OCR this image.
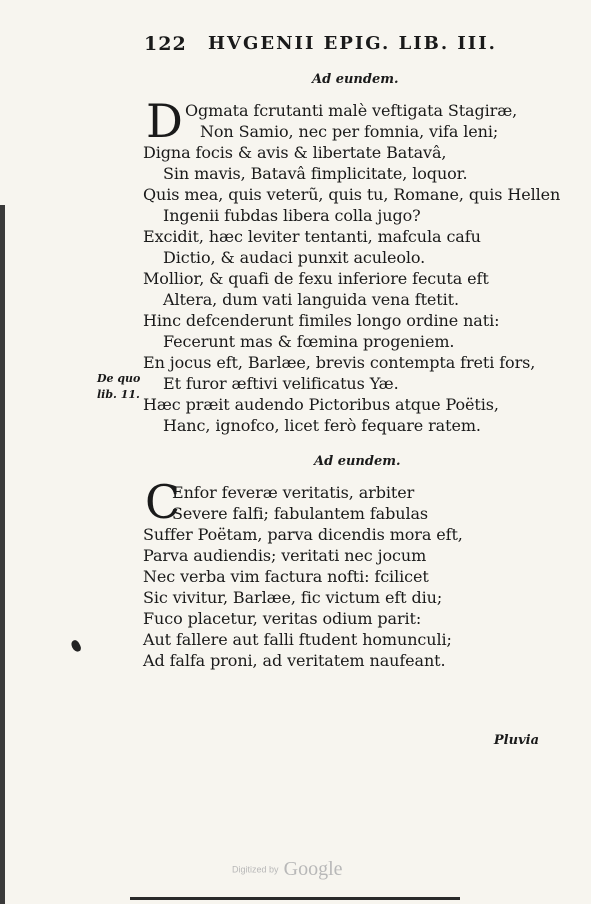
122 HVGENII EPIG. LIB. III.
Ad eundem.
D Ogmata fcrutanti malè veftigata Stagiræ,
Non Samio, nec per fomnia, vifa leni;
Digna focis & avis & libertate Batavâ,
Sin mavis, Batavâ fimplicitate, loquor.
Quis mea, quis veterũ, quis tu, Romane, quis Hellen
Ingenii fubdas libera colla jugo?
Excidit, hæc leviter tentanti, mafcula cafu
Dictio, & audaci punxit aculeolo.
Mollior, & quafi de fexu inferiore fecuta eft
Altera, dum vati languida vena ftetit.
Hinc defcenderunt fimiles longo ordine nati:
Fecerunt mas & fœmina progeniem.
En jocus eft, Barlæe, brevis contempta freti fors,
Et furor æftivi velificatus Yæ.
Hæc præit audendo Pictoribus atque Poëtis,
Hanc, ignofco, licet ferò fequare ratem.
De quo
lib. 11.
Ad eundem.
C
Enfor feveræ veritatis, arbiter
Severe falfi; fabulantem fabulas
Suffer Poëtam, parva dicendis mora eft,
Parva audiendis; veritati nec jocum
Nec verba vim factura nofti: fcilicet
Sic vivitur, Barlæe, fic victum eft diu;
Fuco placetur, veritas odium parit:
Aut fallere aut falli ftudent homunculi;
Ad falfa proni, ad veritatem naufeant.
Pluvia
Digitized by Google
